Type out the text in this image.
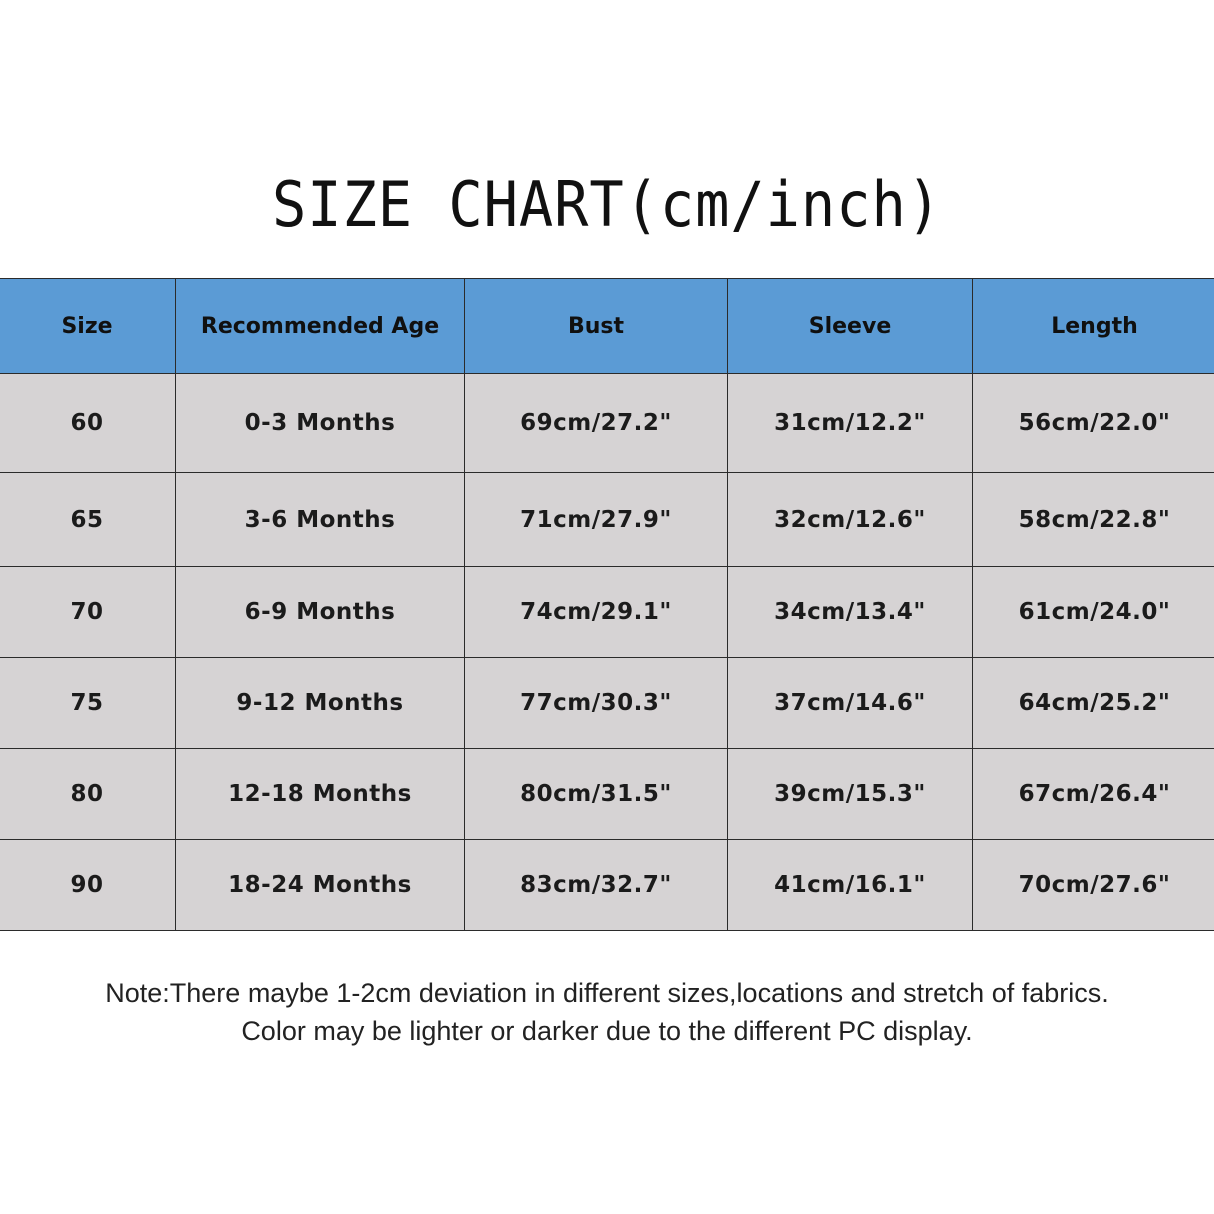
SIZE CHART(cm/inch)
Size	Recommended Age	Bust	Sleeve	Length
60	0-3 Months	69cm/27.2"	31cm/12.2"	56cm/22.0"
65	3-6 Months	71cm/27.9"	32cm/12.6"	58cm/22.8"
70	6-9 Months	74cm/29.1"	34cm/13.4"	61cm/24.0"
75	9-12 Months	77cm/30.3"	37cm/14.6"	64cm/25.2"
80	12-18 Months	80cm/31.5"	39cm/15.3"	67cm/26.4"
90	18-24 Months	83cm/32.7"	41cm/16.1"	70cm/27.6"
Note:There maybe 1-2cm deviation in different sizes,locations and stretch of fabrics.
Color may be lighter or darker due to the different PC display.
